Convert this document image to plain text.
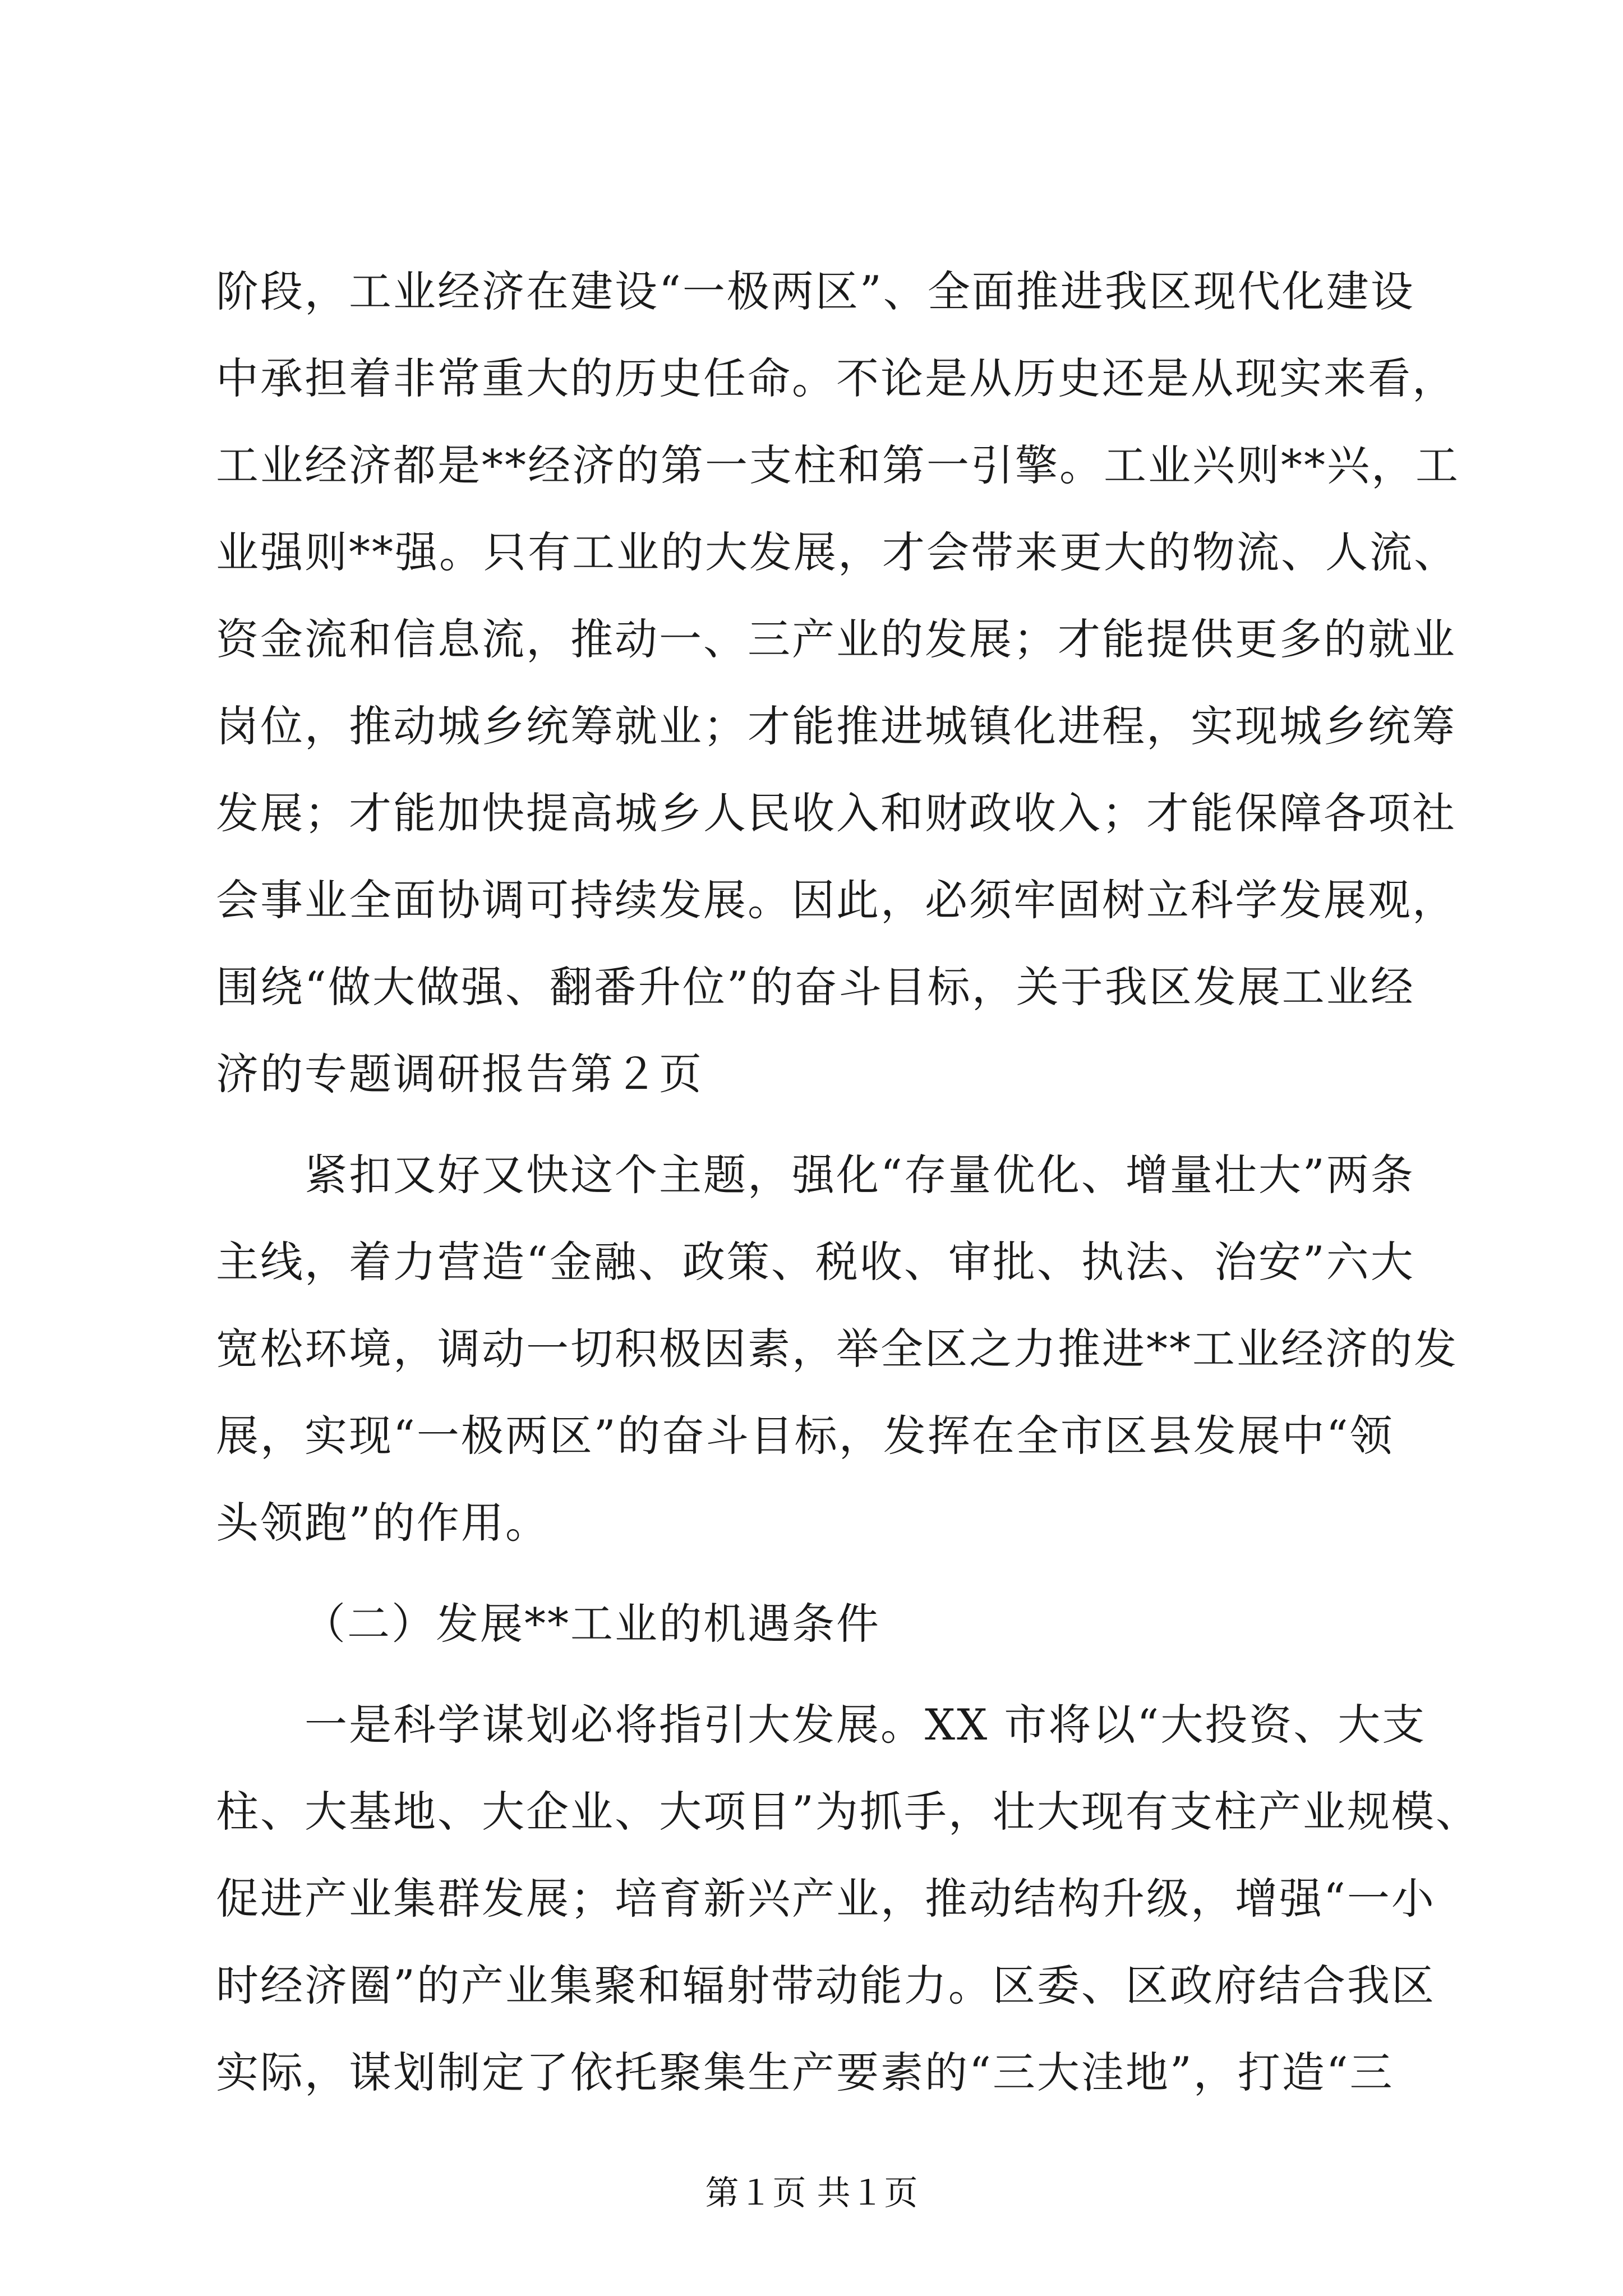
阶段，工业经济在建设“一极两区”、全面推进我区现代化建设
中承担着非常重大的历史任命。不论是从历史还是从现实来看，
工业经济都是**经济的第一支柱和第一引擎。工业兴则**兴，工
业强则**强。只有工业的大发展，才会带来更大的物流、人流、
资金流和信息流，推动一、三产业的发展；才能提供更多的就业
岗位，推动城乡统筹就业；才能推进城镇化进程，实现城乡统筹
发展；才能加快提高城乡人民收入和财政收入；才能保障各项社
会事业全面协调可持续发展。因此，必须牢固树立科学发展观，
围绕“做大做强、翻番升位”的奋斗目标，关于我区发展工业经
济的专题调研报告第２页
　　紧扣又好又快这个主题，强化“存量优化、增量壮大”两条
主线，着力营造“金融、政策、税收、审批、执法、治安”六大
宽松环境，调动一切积极因素，举全区之力推进**工业经济的发
展，实现“一极两区”的奋斗目标，发挥在全市区县发展中“领
头领跑”的作用。
（二）发展**工业的机遇条件
　　一是科学谋划必将指引大发展。XX 市将以“大投资、大支
柱、大基地、大企业、大项目”为抓手，壮大现有支柱产业规模、
促进产业集群发展；培育新兴产业，推动结构升级，增强“一小
时经济圈”的产业集聚和辐射带动能力。区委、区政府结合我区
实际，谋划制定了依托聚集生产要素的“三大洼地”，打造“三
第１页 共１页
